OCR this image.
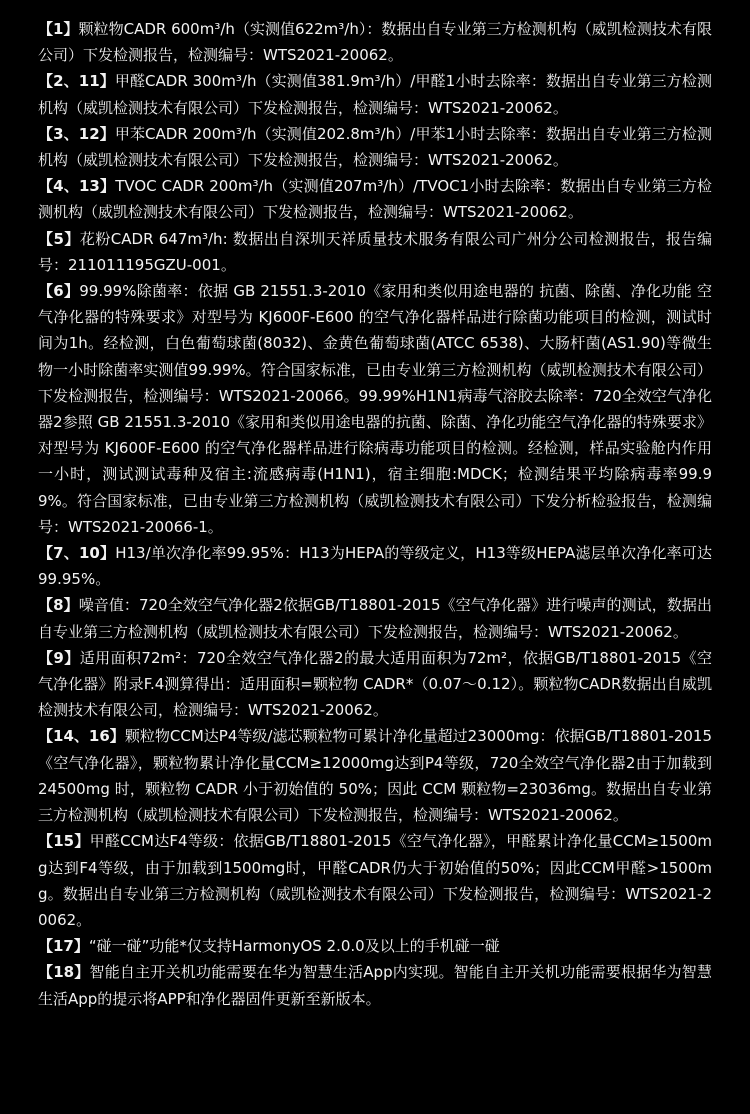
【1】颗粒物CADR 600m³/h（实测值622m³/h）：数据出自专业第三方检测机构（威凯检测技术有限公司）下发检测报告，检测编号：WTS2021-20062。

【2、11】甲醛CADR 300m³/h（实测值381.9m³/h）/甲醛1小时去除率：数据出自专业第三方检测机构（威凯检测技术有限公司）下发检测报告，检测编号：WTS2021-20062。

【3、12】甲苯CADR 200m³/h（实测值202.8m³/h）/甲苯1小时去除率：数据出自专业第三方检测机构（威凯检测技术有限公司）下发检测报告，检测编号：WTS2021-20062。

【4、13】TVOC CADR 200m³/h（实测值207m³/h）/TVOC1小时去除率：数据出自专业第三方检测机构（威凯检测技术有限公司）下发检测报告，检测编号：WTS2021-20062。

【5】花粉CADR 647m³/h: 数据出自深圳天祥质量技术服务有限公司广州分公司检测报告，报告编号：211011195GZU-001。

【6】99.99%除菌率：依据 GB 21551.3-2010《家用和类似用途电器的 抗菌、除菌、净化功能 空气净化器的特殊要求》对型号为 KJ600F-E600 的空气净化器样品进行除菌功能项目的检测，测试时间为1h。经检测，白色葡萄球菌(8032)、金黄色葡萄球菌(ATCC 6538)、大肠杆菌(AS1.90)等微生物一小时除菌率实测值99.99%。符合国家标准，已由专业第三方检测机构（威凯检测技术有限公司）下发检测报告，检测编号：WTS2021-20066。99.99%H1N1病毒气溶胶去除率：720全效空气净化器2参照 GB 21551.3-2010《家用和类似用途电器的抗菌、除菌、净化功能空气净化器的特殊要求》对型号为 KJ600F-E600 的空气净化器样品进行除病毒功能项目的检测。经检测，样品实验舱内作用一小时，测试测试毒种及宿主:流感病毒(H1N1)，宿主细胞:MDCK；检测结果平均除病毒率99.99%。符合国家标准，已由专业第三方检测机构（威凯检测技术有限公司）下发分析检验报告，检测编号：WTS2021-20066-1。

【7、10】H13/单次净化率99.95%：H13为HEPA的等级定义，H13等级HEPA滤层单次净化率可达99.95%。

【8】噪音值：720全效空气净化器2依据GB/T18801-2015《空气净化器》进行噪声的测试，数据出自专业第三方检测机构（威凯检测技术有限公司）下发检测报告，检测编号：WTS2021-20062。

【9】适用面积72m²：720全效空气净化器2的最大适用面积为72m²，依据GB/T18801-2015《空气净化器》附录F.4测算得出：适用面积=颗粒物 CADR*（0.07～0.12）。颗粒物CADR数据出自威凯检测技术有限公司，检测编号：WTS2021-20062。

【14、16】颗粒物CCM达P4等级/滤芯颗粒物可累计净化量超过23000mg：依据GB/T18801-2015《空气净化器》，颗粒物累计净化量CCM≥12000mg达到P4等级，720全效空气净化器2由于加载到 24500mg 时，颗粒物 CADR 小于初始值的 50%；因此 CCM 颗粒物=23036mg。数据出自专业第三方检测机构（威凯检测技术有限公司）下发检测报告，检测编号：WTS2021-20062。

【15】甲醛CCM达F4等级：依据GB/T18801-2015《空气净化器》，甲醛累计净化量CCM≥1500mg达到F4等级，由于加载到1500mg时，甲醛CADR仍大于初始值的50%；因此CCM甲醛>1500mg。数据出自专业第三方检测机构（威凯检测技术有限公司）下发检测报告，检测编号：WTS2021-20062。

【17】“碰一碰”功能*仅支持HarmonyOS 2.0.0及以上的手机碰一碰

【18】智能自主开关机功能需要在华为智慧生活App内实现。智能自主开关机功能需要根据华为智慧生活App的提示将APP和净化器固件更新至新版本。
